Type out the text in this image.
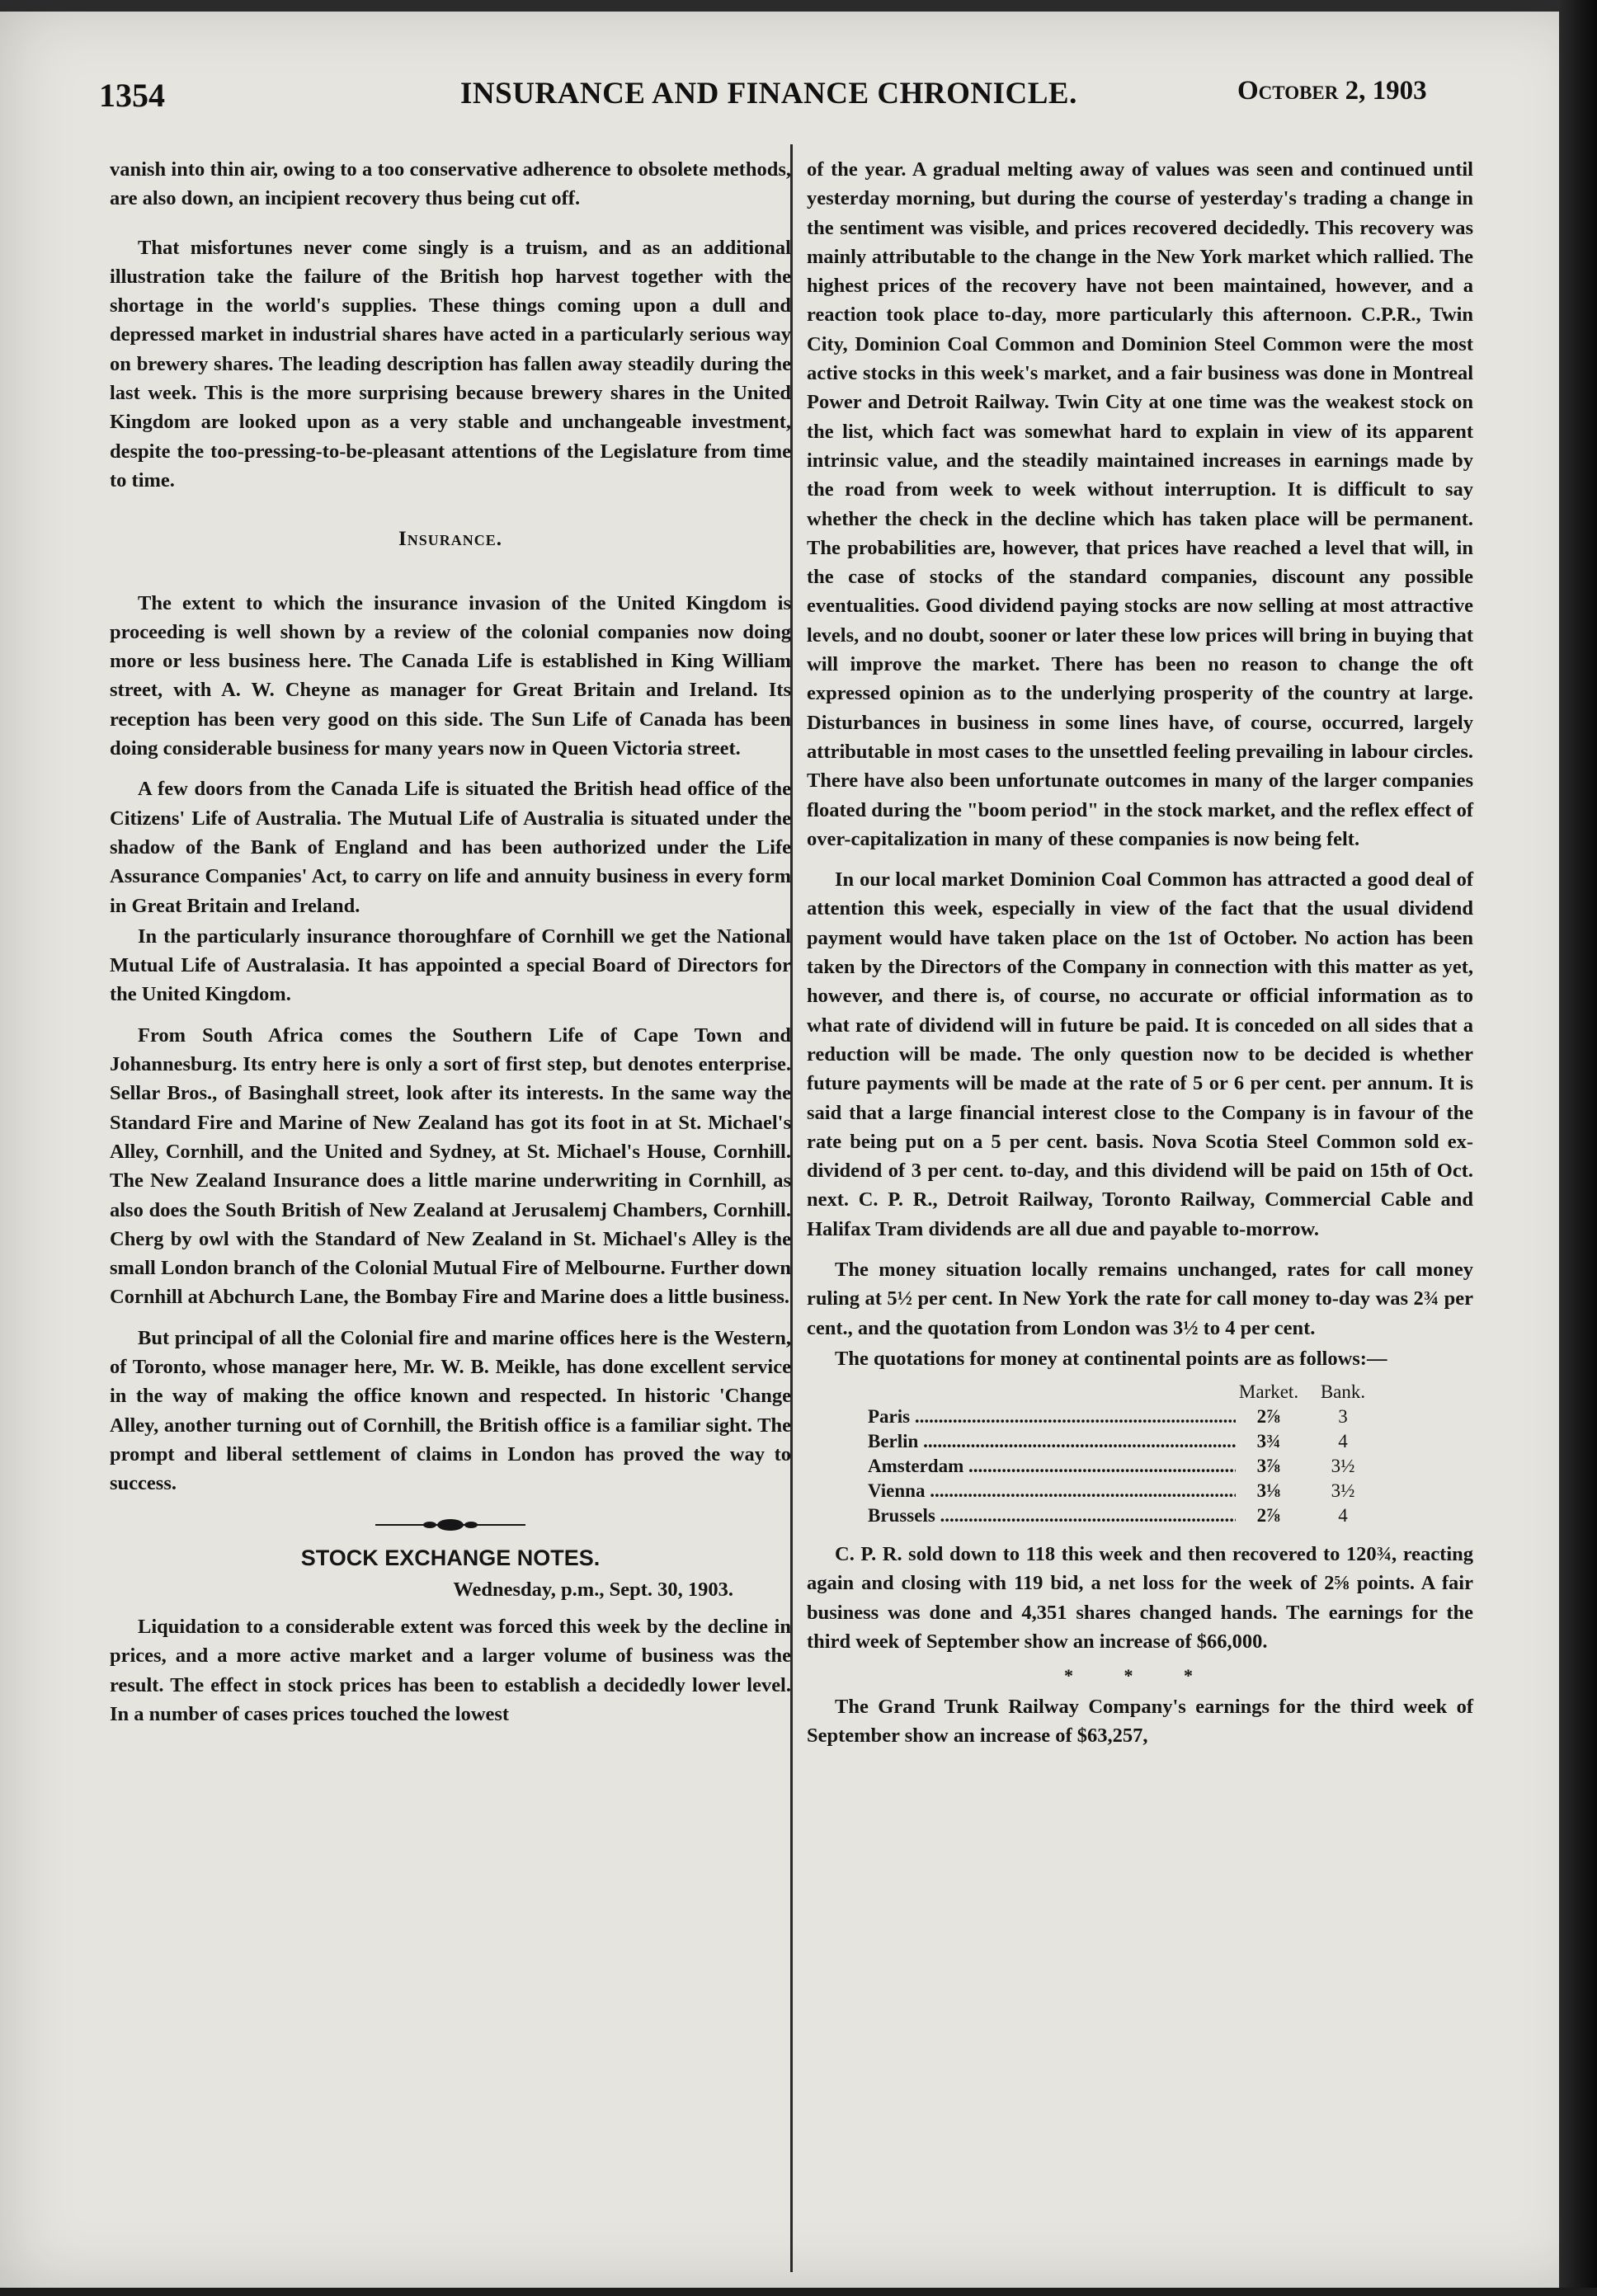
1354	INSURANCE AND FINANCE CHRONICLE.	October 2, 1903

vanish into thin air, owing to a too conservative adherence to obsolete methods, are also down, an incipient recovery thus being cut off.

That misfortunes never come singly is a truism, and as an additional illustration take the failure of the British hop harvest together with the shortage in the world's supplies. These things coming upon a dull and depressed market in industrial shares have acted in a particularly serious way on brewery shares. The leading description has fallen away steadily during the last week. This is the more surprising because brewery shares in the United Kingdom are looked upon as a very stable and unchangeable investment, despite the too-pressing-to-be-pleasant attentions of the Legislature from time to time.

Insurance.

The extent to which the insurance invasion of the United Kingdom is proceeding is well shown by a review of the colonial companies now doing more or less business here. The Canada Life is established in King William street, with A. W. Cheyne as manager for Great Britain and Ireland. Its reception has been very good on this side. The Sun Life of Canada has been doing considerable business for many years now in Queen Victoria street.

A few doors from the Canada Life is situated the British head office of the Citizens' Life of Australia. The Mutual Life of Australia is situated under the shadow of the Bank of England and has been authorized under the Life Assurance Companies' Act, to carry on life and annuity business in every form in Great Britain and Ireland.

In the particularly insurance thoroughfare of Cornhill we get the National Mutual Life of Australasia. It has appointed a special Board of Directors for the United Kingdom.

From South Africa comes the Southern Life of Cape Town and Johannesburg. Its entry here is only a sort of first step, but denotes enterprise. Sellar Bros., of Basinghall street, look after its interests. In the same way the Standard Fire and Marine of New Zealand has got its foot in at St. Michael's Alley, Cornhill, and the United and Sydney, at St. Michael's House, Cornhill. The New Zealand Insurance does a little marine underwriting in Cornhill, as also does the South British of New Zealand at Jerusalemj Chambers, Cornhill. Cherg by owl with the Standard of New Zealand in St. Michael's Alley is the small London branch of the Colonial Mutual Fire of Melbourne. Further down Cornhill at Abchurch Lane, the Bombay Fire and Marine does a little business.

But principal of all the Colonial fire and marine offices here is the Western, of Toronto, whose manager here, Mr. W. B. Meikle, has done excellent service in the way of making the office known and respected. In historic 'Change Alley, another turning out of Cornhill, the British office is a familiar sight. The prompt and liberal settlement of claims in London has proved the way to success.

STOCK EXCHANGE NOTES.
Wednesday, p.m., Sept. 30, 1903.

Liquidation to a considerable extent was forced this week by the decline in prices, and a more active market and a larger volume of business was the result. The effect in stock prices has been to establish a decidedly lower level. In a number of cases prices touched the lowest

of the year. A gradual melting away of values was seen and continued until yesterday morning, but during the course of yesterday's trading a change in the sentiment was visible, and prices recovered decidedly. This recovery was mainly attributable to the change in the New York market which rallied. The highest prices of the recovery have not been maintained, however, and a reaction took place to-day, more particularly this afternoon. C.P.R., Twin City, Dominion Coal Common and Dominion Steel Common were the most active stocks in this week's market, and a fair business was done in Montreal Power and Detroit Railway. Twin City at one time was the weakest stock on the list, which fact was somewhat hard to explain in view of its apparent intrinsic value, and the steadily maintained increases in earnings made by the road from week to week without interruption. It is difficult to say whether the check in the decline which has taken place will be permanent. The probabilities are, however, that prices have reached a level that will, in the case of stocks of the standard companies, discount any possible eventualities. Good dividend paying stocks are now selling at most attractive levels, and no doubt, sooner or later these low prices will bring in buying that will improve the market. There has been no reason to change the oft expressed opinion as to the underlying prosperity of the country at large. Disturbances in business in some lines have, of course, occurred, largely attributable in most cases to the unsettled feeling prevailing in labour circles. There have also been unfortunate outcomes in many of the larger companies floated during the "boom period" in the stock market, and the reflex effect of over-capitalization in many of these companies is now being felt.

In our local market Dominion Coal Common has attracted a good deal of attention this week, especially in view of the fact that the usual dividend payment would have taken place on the 1st of October. No action has been taken by the Directors of the Company in connection with this matter as yet, however, and there is, of course, no accurate or official information as to what rate of dividend will in future be paid. It is conceded on all sides that a reduction will be made. The only question now to be decided is whether future payments will be made at the rate of 5 or 6 per cent. per annum. It is said that a large financial interest close to the Company is in favour of the rate being put on a 5 per cent. basis. Nova Scotia Steel Common sold ex-dividend of 3 per cent. to-day, and this dividend will be paid on 15th of Oct. next. C. P. R., Detroit Railway, Toronto Railway, Commercial Cable and Halifax Tram dividends are all due and payable to-morrow.

The money situation locally remains unchanged, rates for call money ruling at 5½ per cent. In New York the rate for call money to-day was 2¾ per cent., and the quotation from London was 3½ to 4 per cent.

The quotations for money at continental points are as follows:—

Market.	Bank.
Paris .....	2⅞	3
Berlin .....	3¾	4
Amsterdam .....	3⅞	3½
Vienna .....	3⅛	3½
Brussels .....	2⅞	4

C. P. R. sold down to 118 this week and then recovered to 120¾, reacting again and closing with 119 bid, a net loss for the week of 2⅝ points. A fair business was done and 4,351 shares changed hands. The earnings for the third week of September show an increase of $66,000.

* * *

The Grand Trunk Railway Company's earnings for the third week of September show an increase of $63,257,
